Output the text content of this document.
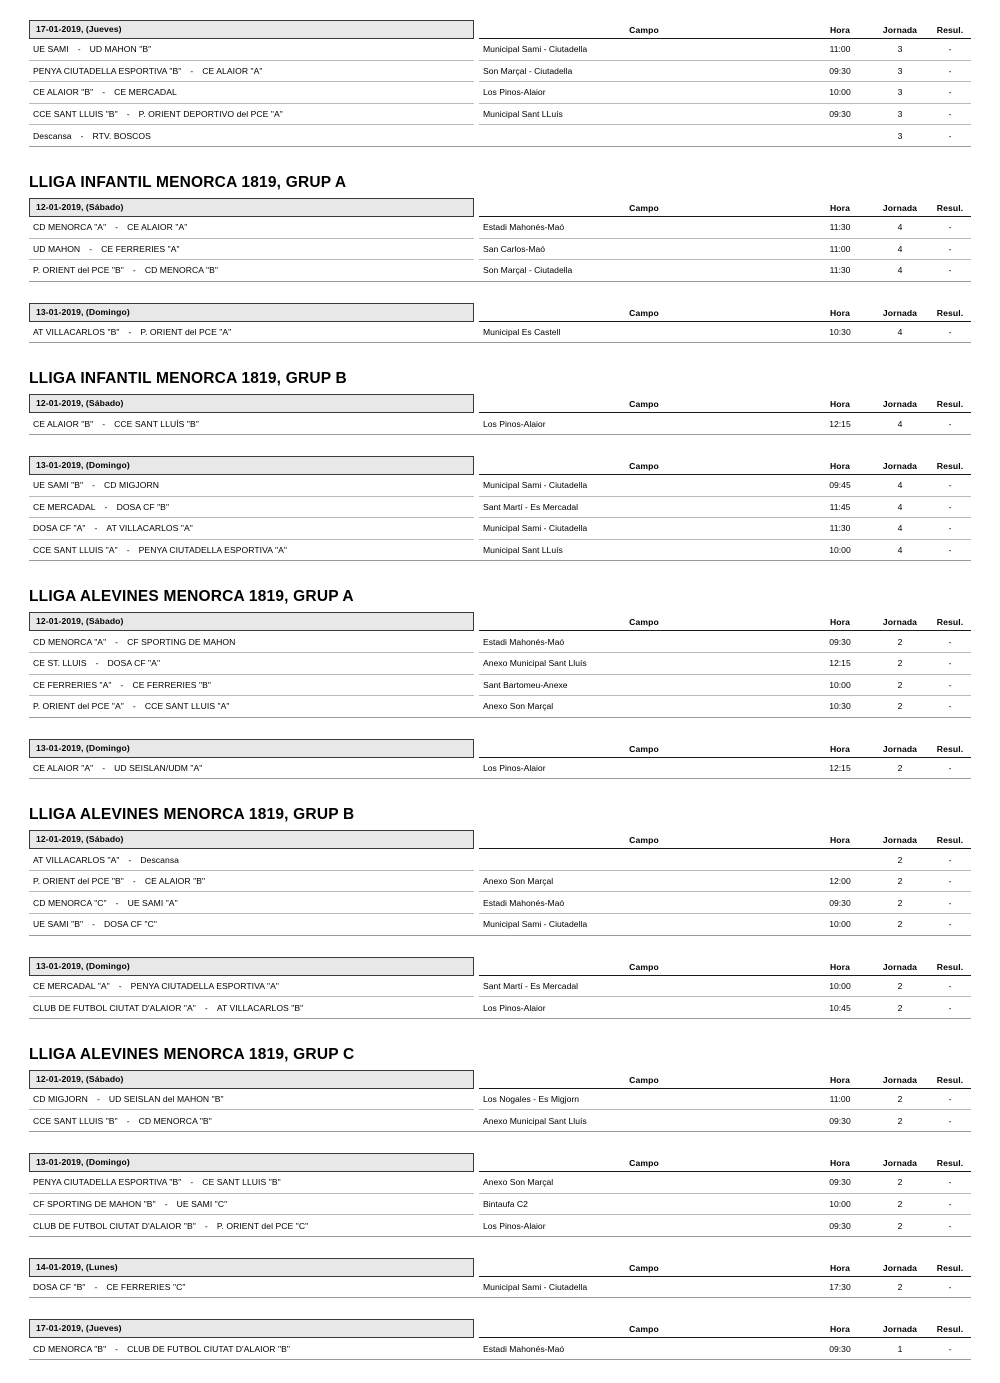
17-01-2019, (Jueves)		Campo	Hora	Jornada	Resul.

UE SAMI - UD MAHON "B"		Municipal Sami - Ciutadella	11:00	3	-
PENYA CIUTADELLA ESPORTIVA "B" - CE ALAIOR "A"		Son Marçal - Ciutadella	09:30	3	-
CE ALAIOR "B" - CE MERCADAL		Los Pinos-Alaior	10:00	3	-
CCE SANT LLUIS "B" - P. ORIENT DEPORTIVO del PCE "A"		Municipal Sant LLuís	09:30	3	-
Descansa - RTV. BOSCOS				3	-
LLIGA INFANTIL MENORCA 1819, GRUP A
12-01-2019, (Sábado)		Campo	Hora	Jornada	Resul.

CD MENORCA "A" - CE ALAIOR "A"		Estadi Mahonés-Maó	11:30	4	-
UD MAHON - CE FERRERIES "A"		San Carlos-Maó	11:00	4	-
P. ORIENT del PCE "B" - CD MENORCA "B"		Son Marçal - Ciutadella	11:30	4	-
13-01-2019, (Domingo)		Campo	Hora	Jornada	Resul.

AT VILLACARLOS "B" - P. ORIENT del PCE "A"		Municipal Es Castell	10:30	4	-
LLIGA INFANTIL MENORCA 1819, GRUP B
12-01-2019, (Sábado)		Campo	Hora	Jornada	Resul.

CE ALAIOR "B" - CCE SANT LLUÍS "B"		Los Pinos-Alaior	12:15	4	-
13-01-2019, (Domingo)		Campo	Hora	Jornada	Resul.

UE SAMI "B" - CD MIGJORN		Municipal Sami - Ciutadella	09:45	4	-
CE MERCADAL - DOSA CF "B"		Sant Martí - Es Mercadal	11:45	4	-
DOSA CF "A" - AT VILLACARLOS "A"		Municipal Sami - Ciutadella	11:30	4	-
CCE SANT LLUIS "A" - PENYA CIUTADELLA ESPORTIVA "A"		Municipal Sant LLuís	10:00	4	-
LLIGA ALEVINES MENORCA 1819, GRUP A
12-01-2019, (Sábado)		Campo	Hora	Jornada	Resul.

CD MENORCA "A" - CF SPORTING DE MAHON		Estadi Mahonés-Maó	09:30	2	-
CE ST. LLUIS - DOSA CF "A"		Anexo Municipal Sant Lluís	12:15	2	-
CE FERRERIES "A" - CE FERRERIES "B"		Sant Bartomeu-Anexe	10:00	2	-
P. ORIENT del PCE "A" - CCE SANT LLUIS "A"		Anexo Son Marçal	10:30	2	-
13-01-2019, (Domingo)		Campo	Hora	Jornada	Resul.

CE ALAIOR "A" - UD SEISLAN/UDM "A"		Los Pinos-Alaior	12:15	2	-
LLIGA ALEVINES MENORCA 1819, GRUP B
12-01-2019, (Sábado)		Campo	Hora	Jornada	Resul.

AT VILLACARLOS "A" - Descansa				2	-
P. ORIENT del PCE "B" - CE ALAIOR "B"		Anexo Son Marçal	12:00	2	-
CD MENORCA "C" - UE SAMI "A"		Estadi Mahonés-Maó	09:30	2	-
UE SAMI "B" - DOSA CF "C"		Municipal Sami - Ciutadella	10:00	2	-
13-01-2019, (Domingo)		Campo	Hora	Jornada	Resul.

CE MERCADAL "A" - PENYA CIUTADELLA ESPORTIVA "A"		Sant Martí - Es Mercadal	10:00	2	-
CLUB DE FUTBOL CIUTAT D'ALAIOR "A" - AT VILLACARLOS "B"		Los Pinos-Alaior	10:45	2	-
LLIGA ALEVINES MENORCA 1819, GRUP C
12-01-2019, (Sábado)		Campo	Hora	Jornada	Resul.

CD MIGJORN - UD SEISLAN del MAHON "B"		Los Nogales - Es Migjorn	11:00	2	-
CCE SANT LLUIS "B" - CD MENORCA "B"		Anexo Municipal Sant Lluís	09:30	2	-
13-01-2019, (Domingo)		Campo	Hora	Jornada	Resul.

PENYA CIUTADELLA ESPORTIVA "B" - CE SANT LLUIS "B"		Anexo Son Marçal	09:30	2	-
CF SPORTING DE MAHON "B" - UE SAMI "C"		Bintaufa C2	10:00	2	-
CLUB DE FUTBOL CIUTAT D'ALAIOR "B" - P. ORIENT del PCE "C"		Los Pinos-Alaior	09:30	2	-
14-01-2019, (Lunes)		Campo	Hora	Jornada	Resul.

DOSA CF "B" - CE FERRERIES "C"		Municipal Sami - Ciutadella	17:30	2	-
17-01-2019, (Jueves)		Campo	Hora	Jornada	Resul.

CD MENORCA "B" - CLUB DE FUTBOL CIUTAT D'ALAIOR "B"		Estadi Mahonés-Maó	09:30	1	-
